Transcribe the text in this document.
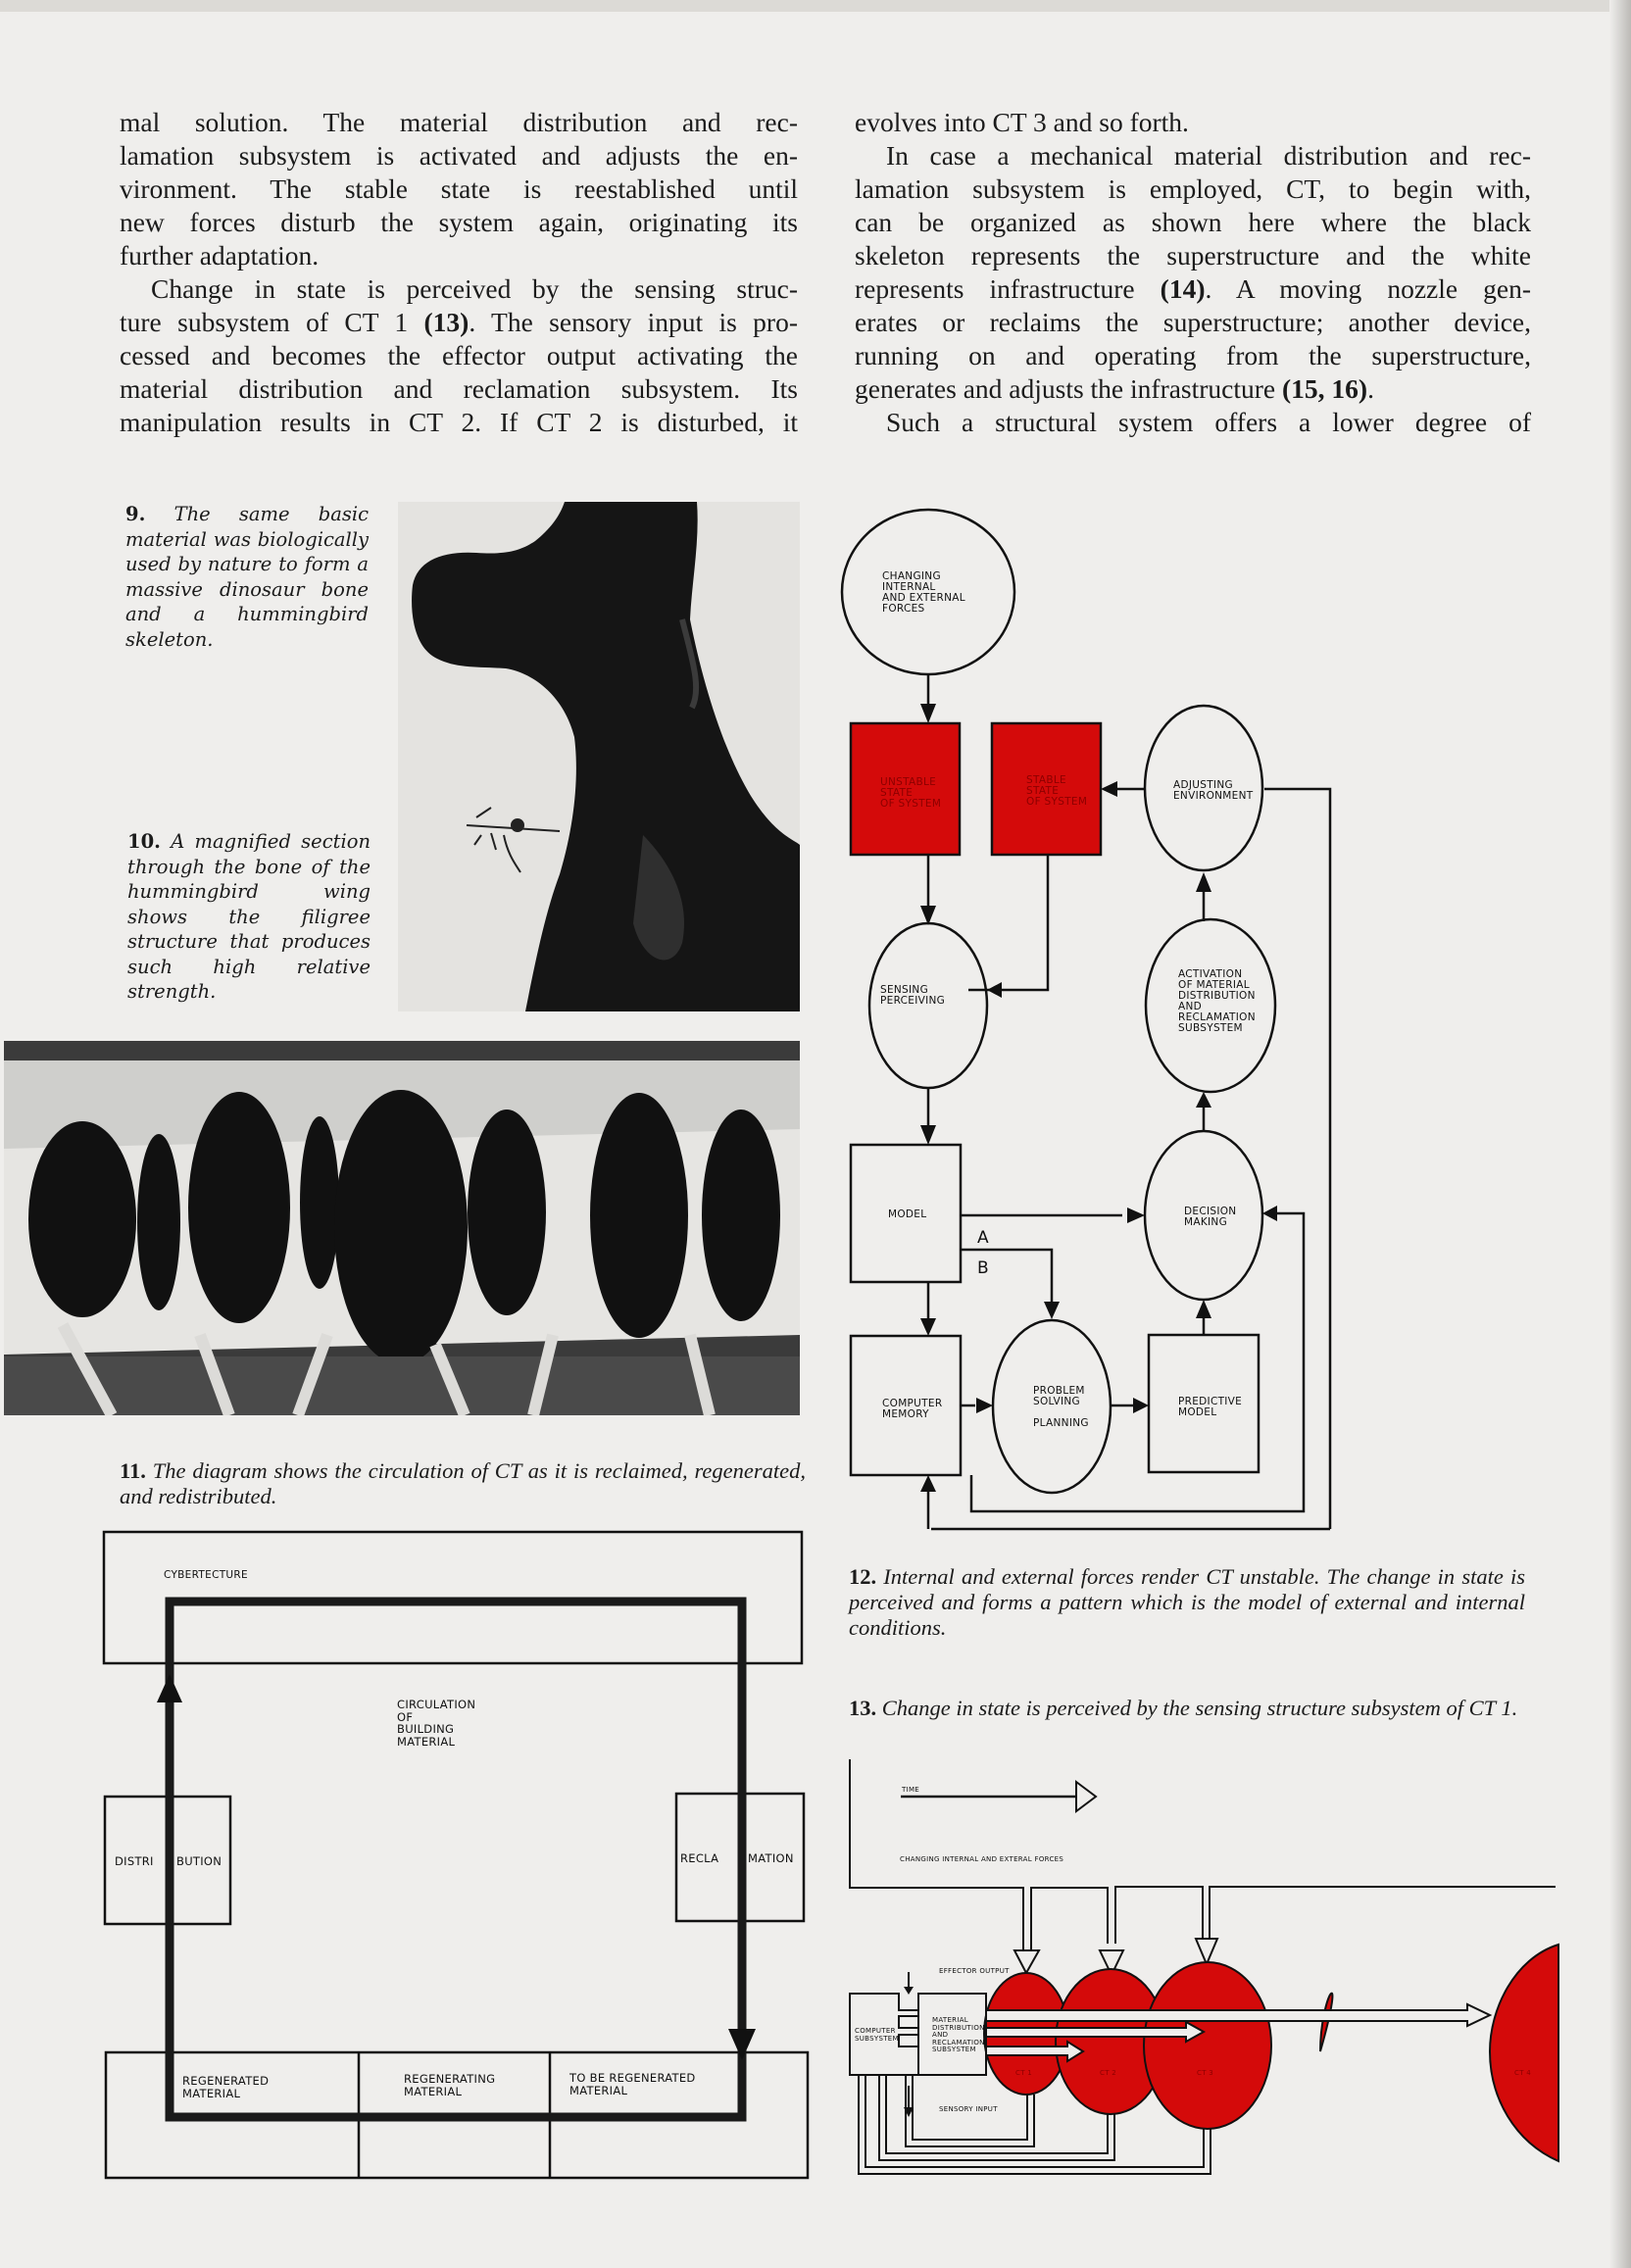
mal solution. The material distribution and rec-

lamation subsystem is activated and adjusts the en-

vironment. The stable state is reestablished until

new forces disturb the system again, originating its

further adaptation.

Change in state is perceived by the sensing struc-

ture subsystem of CT 1 (13). The sensory input is pro-

cessed and becomes the effector output activating the

material distribution and reclamation subsystem. Its

manipulation results in CT 2. If CT 2 is disturbed, it

evolves into CT 3 and so forth.

In case a mechanical material distribution and rec-

lamation subsystem is employed, CT, to begin with,

can be organized as shown here where the black

skeleton represents the superstructure and the white

represents infrastructure (14). A moving nozzle gen-

erates or reclaims the superstructure; another device,

running on and operating from the superstructure,

generates and adjusts the infrastructure (15, 16).

Such a structural system offers a lower degree of

9. The same basic material was biologically used by nature to form a massive dinosaur bone and a hummingbird skeleton.
10. A magnified section through the bone of the hummingbird wing shows the filigree structure that produces such high relative strength.
11. The diagram shows the circulation of CT as it is reclaimed, regenerated, and redistributed.
CYBERTECTURE
CIRCULATION
OF
BUILDING
MATERIAL
DISTRI BUTION	RECLA	MATION
REGENERATED
MATERIAL
REGENERATING
MATERIAL
TO BE REGENERATED
MATERIAL
CHANGING
INTERNAL
AND EXTERNAL
FORCES
UNSTABLE
STATE
OF SYSTEM
STABLE
STATE
OF SYSTEM
ADJUSTING
ENVIRONMENT
SENSING
PERCEIVING
ACTIVATION
OF MATERIAL
DISTRIBUTION
AND
RECLAMATION
SUBSYSTEM
MODEL
A
B
DECISION
MAKING
COMPUTER
MEMORY
PROBLEM
SOLVING

PLANNING
PREDICTIVE
MODEL
12. Internal and external forces render CT unstable. The change in state is perceived and forms a pattern which is the model of external and internal conditions.
13. Change in state is perceived by the sensing structure subsystem of CT 1.
TIME
CHANGING INTERNAL AND EXTERAL FORCES
EFFECTOR OUTPUT
SENSORY INPUT
COMPUTER
SUBSYSTEM
MATERIAL
DISTRIBUTION
AND
RECLAMATION
SUBSYSTEM
CT 1	CT 2	CT 3	CT 4
